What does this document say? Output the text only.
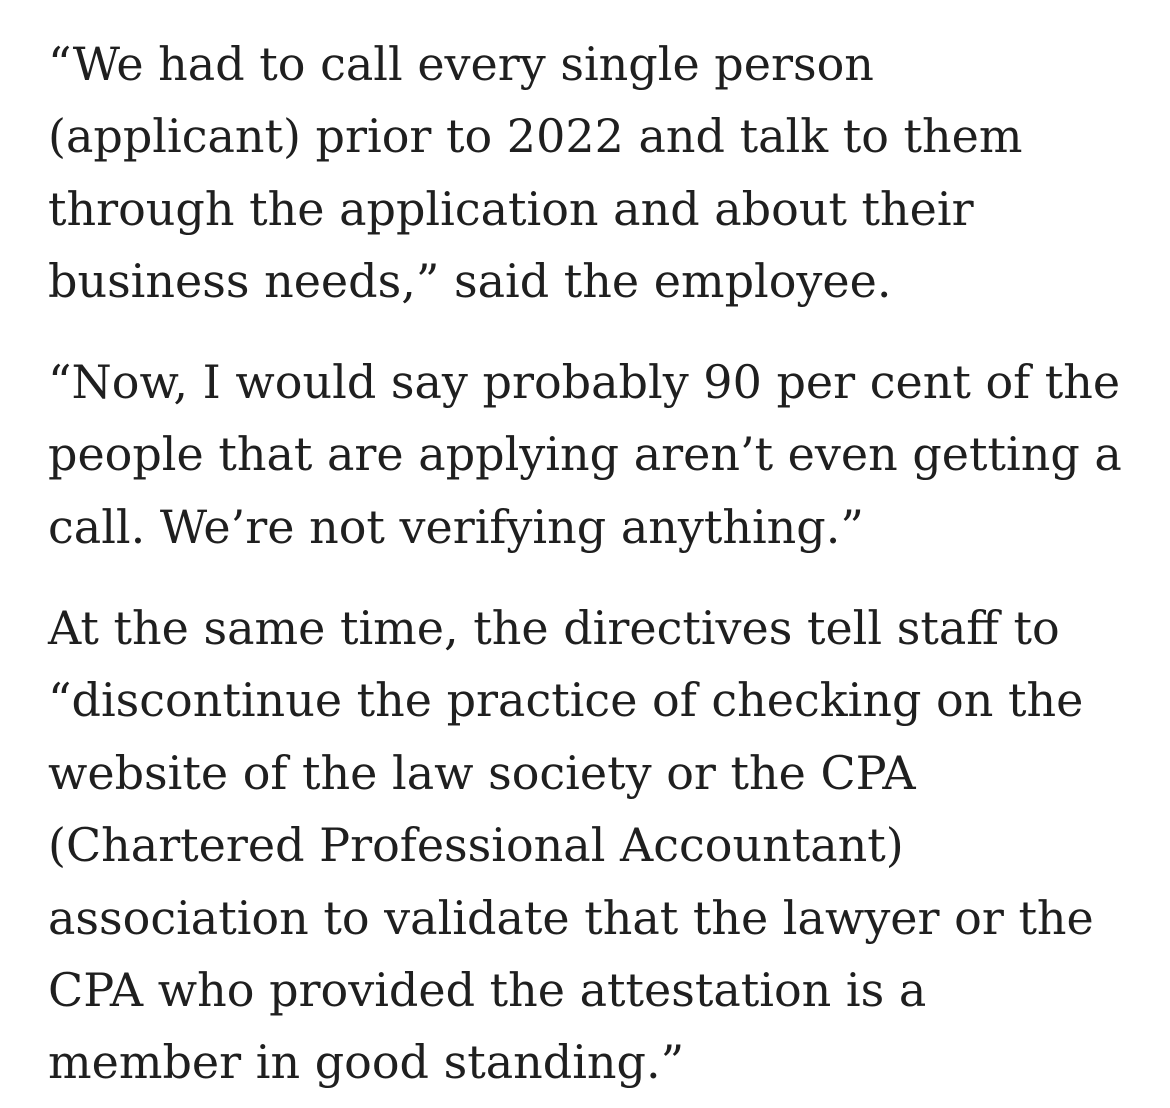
“We had to call every single person
(applicant) prior to 2022 and talk to them
through the application and about their
business needs,” said the employee.

“Now, I would say probably 90 per cent of the
people that are applying aren’t even getting a
call. We’re not verifying anything.”

At the same time, the directives tell staff to
“discontinue the practice of checking on the
website of the law society or the CPA
(Chartered Professional Accountant)
association to validate that the lawyer or the
CPA who provided the attestation is a
member in good standing.”
